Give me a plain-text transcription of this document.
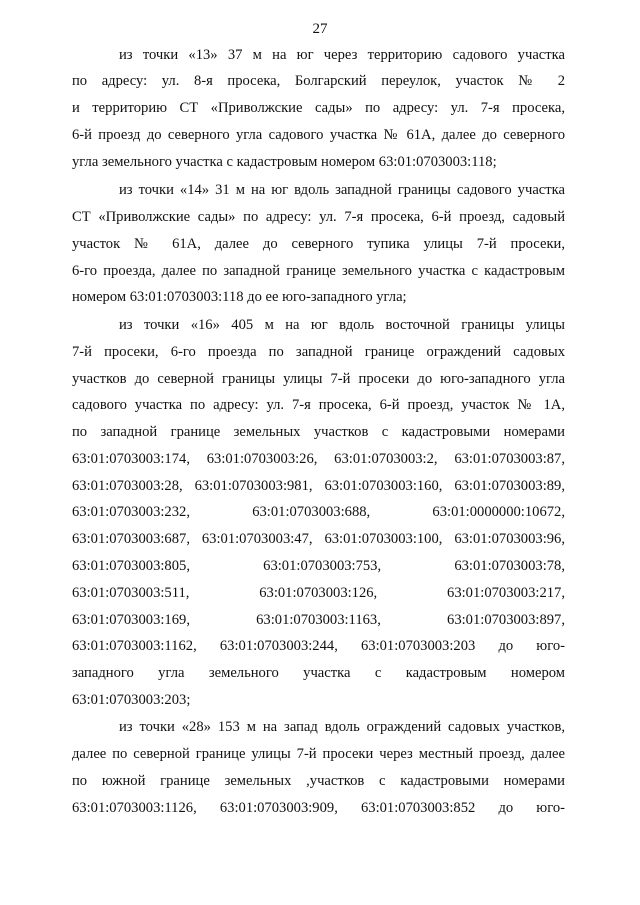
27
из точки «13» 37 м на юг через территорию садового участка
по адресу: ул. 8-я просека, Болгарский переулок, участок № 2
и территорию СТ «Приволжские сады» по адресу: ул. 7-я просека,
6-й проезд до северного угла садового участка № 61А, далее до северного
угла земельного участка с кадастровым номером 63:01:0703003:118;
из точки «14» 31 м на юг вдоль западной границы садового участка
СТ «Приволжские сады» по адресу: ул. 7-я просека, 6-й проезд, садовый
участок № 61А, далее до северного тупика улицы 7-й просеки,
6-го проезда, далее по западной границе земельного участка с кадастровым
номером 63:01:0703003:118 до ее юго-западного угла;
из точки «16» 405 м на юг вдоль восточной границы улицы
7-й просеки, 6-го проезда по западной границе ограждений садовых
участков до северной границы улицы 7-й просеки до юго-западного угла
садового участка по адресу: ул. 7-я просека, 6-й проезд, участок № 1А,
по западной границе земельных участков с кадастровыми номерами
63:01:0703003:174, 63:01:0703003:26, 63:01:0703003:2, 63:01:0703003:87,
63:01:0703003:28, 63:01:0703003:981, 63:01:0703003:160, 63:01:0703003:89,
63:01:0703003:232, 63:01:0703003:688, 63:01:0000000:10672,
63:01:0703003:687, 63:01:0703003:47, 63:01:0703003:100, 63:01:0703003:96,
63:01:0703003:805, 63:01:0703003:753, 63:01:0703003:78,
63:01:0703003:511, 63:01:0703003:126, 63:01:0703003:217,
63:01:0703003:169, 63:01:0703003:1163, 63:01:0703003:897,
63:01:0703003:1162, 63:01:0703003:244, 63:01:0703003:203 до юго-
западного угла земельного участка с кадастровым номером
63:01:0703003:203;
из точки «28» 153 м на запад вдоль ограждений садовых участков,
далее по северной границе улицы 7-й просеки через местный проезд, далее
по южной границе земельных ,участков с кадастровыми номерами
63:01:0703003:1126, 63:01:0703003:909, 63:01:0703003:852 до юго-
